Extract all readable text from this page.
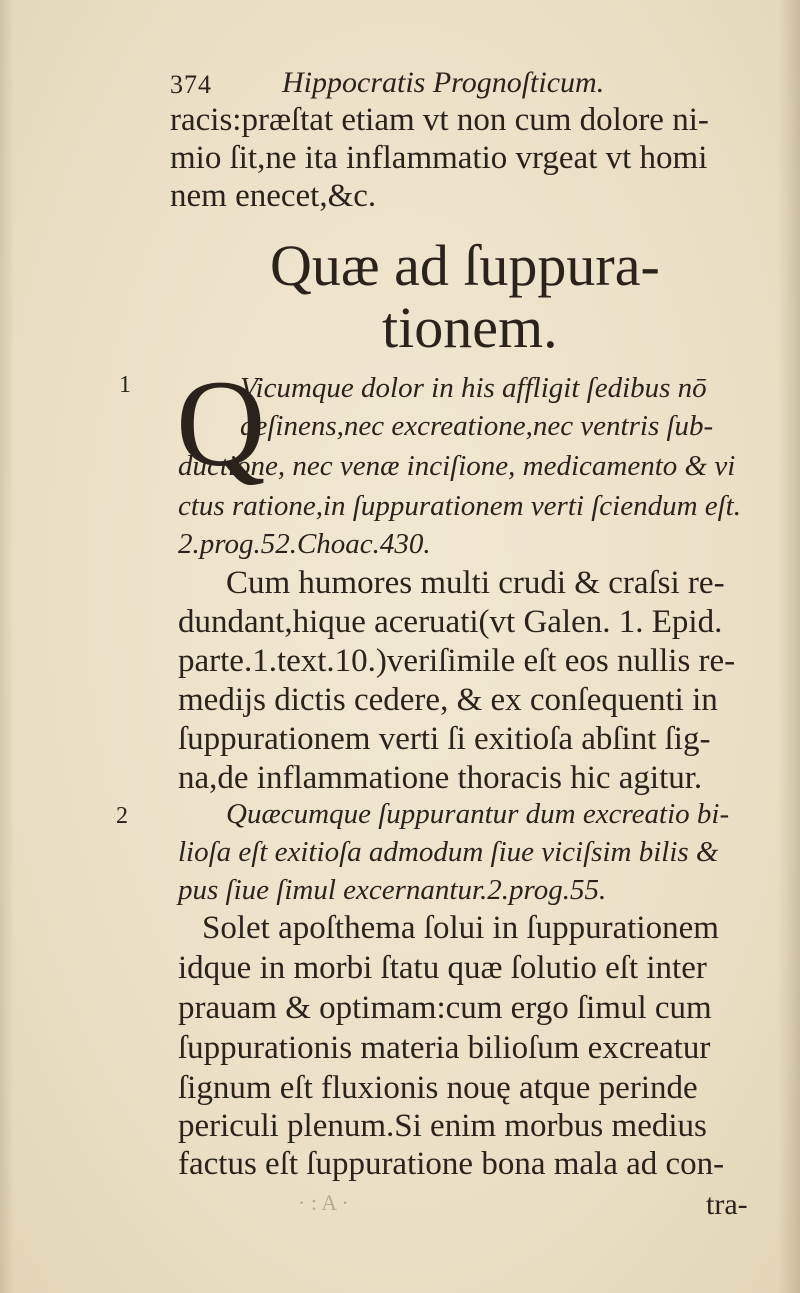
374 Hippocratis Prognoſticum.
racis:præſtat etiam vt non cum dolore ni-
mio ſit,ne ita inflammatio vrgeat vt homi
nem enecet,&c.
Quæ ad ſuppura-
tionem.
1 Q
Vicumque dolor in his affligit ſedibus nō
deſinens,nec excreatione,nec ventris ſub-
ductione, nec venæ inciſione, medicamento & vi
ctus ratione,in ſuppurationem verti ſciendum eſt.
2.prog.52.Choac.430.
Cum humores multi crudi & craſsi re-
dundant,hique aceruati(vt Galen. 1. Epid.
parte.1.text.10.)veriſimile eſt eos nullis re-
medijs dictis cedere, & ex conſequenti in
ſuppurationem verti ſi exitioſa abſint ſig-
na,de inflammatione thoracis hic agitur.
2	Quæcumque ſuppurantur dum excreatio bi-
lioſa eſt exitioſa admodum ſiue viciſsim bilis &
pus ſiue ſimul excernantur.2.prog.55.
Solet apoſthema ſolui in ſuppurationem
idque in morbi ſtatu quæ ſolutio eſt inter
prauam & optimam:cum ergo ſimul cum
ſuppurationis materia bilioſum excreatur
ſignum eſt fluxionis nouę atque perinde
periculi plenum.Si enim morbus medius
factus eſt ſuppuratione bona mala ad con-
· : A ·	tra-
